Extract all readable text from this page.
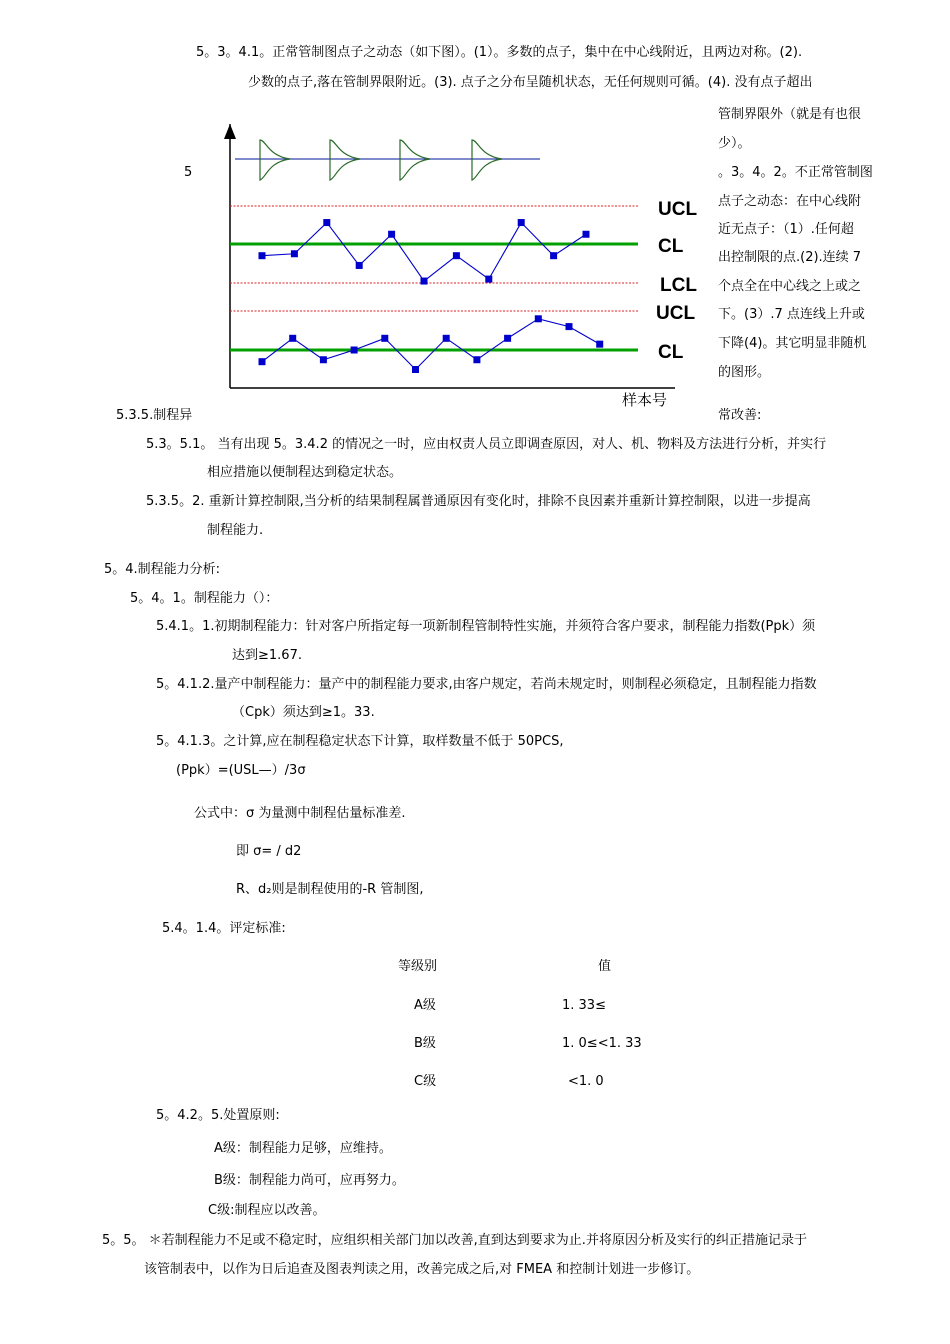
5。3。4.1。正常管制图点子之动态（如下图）。(1）。多数的点子，集中在中心线附近，且两边对称。(2).
少数的点子,落在管制界限附近。(3). 点子之分布呈随机状态，无任何规则可循。(4). 没有点子超出
管制界限外（就是有也很
少）。
5
UCL
CL
LCL
UCL
CL
样本号
。3。4。2。不正常管制图
点子之动态：在中心线附
近无点子：（1）.任何超
出控制限的点.(2).连续 7
个点全在中心线之上或之
下。(3）.7 点连线上升或
下降(4)。其它明显非随机
的图形。
5.3.5.制程异	常改善:
5.3。5.1。 当有出现 5。3.4.2 的情况之一时，应由权责人员立即调查原因，对人、机、物料及方法进行分析，并实行
相应措施以便制程达到稳定状态。
5.3.5。2. 重新计算控制限,当分析的结果制程属普通原因有变化时，排除不良因素并重新计算控制限，以进一步提高
制程能力.
5。4.制程能力分析:
5。4。1。制程能力（）：
5.4.1。1.初期制程能力：针对客户所指定每一项新制程管制特性实施，并须符合客户要求，制程能力指数(Ppk）须
达到≥1.67.
5。4.1.2.量产中制程能力：量产中的制程能力要求,由客户规定，若尚未规定时，则制程必须稳定，且制程能力指数
（Cpk）须达到≥1。33.
5。4.1.3。之计算,应在制程稳定状态下计算，取样数量不低于 50PCS,
(Ppk）=(USL—）/3σ
公式中：σ 为量测中制程估量标准差.
即 σ= / d2
R、d₂则是制程使用的-R 管制图,
5.4。1.4。评定标准:
等级别	值
A级	1. 33≤
B级	1. 0≤<1. 33
C级	<1. 0
5。4.2。5.处置原则:
A级：制程能力足够，应维持。
B级：制程能力尚可，应再努力。
C级:制程应以改善。
5。5。 ＊若制程能力不足或不稳定时，应组织相关部门加以改善,直到达到要求为止.并将原因分析及实行的纠正措施记录于
该管制表中，以作为日后追查及图表判读之用，改善完成之后,对 FMEA 和控制计划进一步修订。
